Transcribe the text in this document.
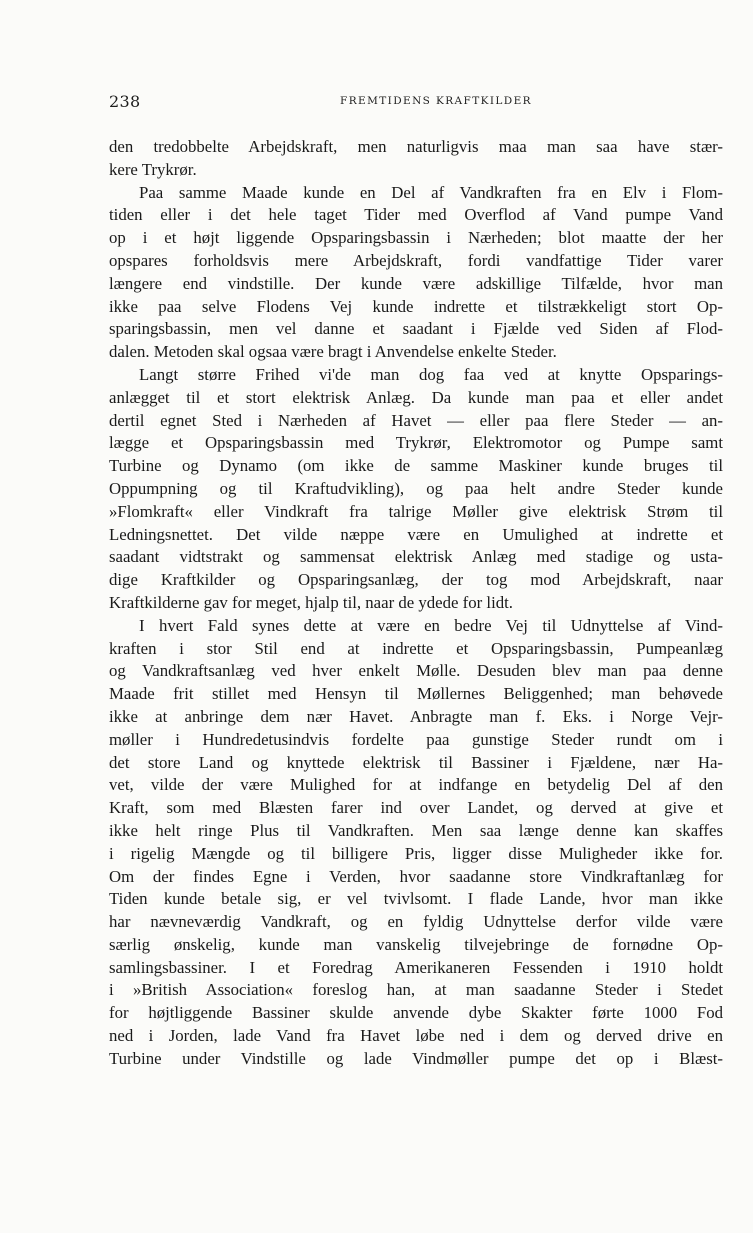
238	FREMTIDENS KRAFTKILDER

den tredobbelte Arbejdskraft, men naturligvis maa man saa have stær-
kere Trykrør.

Paa samme Maade kunde en Del af Vandkraften fra en Elv i Flom-
tiden eller i det hele taget Tider med Overflod af Vand pumpe Vand
op i et højt liggende Opsparingsbassin i Nærheden; blot maatte der her
opspares forholdsvis mere Arbejdskraft, fordi vandfattige Tider varer
længere end vindstille. Der kunde være adskillige Tilfælde, hvor man
ikke paa selve Flodens Vej kunde indrette et tilstrækkeligt stort Op-
sparingsbassin, men vel danne et saadant i Fjælde ved Siden af Flod-
dalen. Metoden skal ogsaa være bragt i Anvendelse enkelte Steder.

Langt større Frihed vi'de man dog faa ved at knytte Opsparings-
anlægget til et stort elektrisk Anlæg. Da kunde man paa et eller andet
dertil egnet Sted i Nærheden af Havet — eller paa flere Steder — an-
lægge et Opsparingsbassin med Trykrør, Elektromotor og Pumpe samt
Turbine og Dynamo (om ikke de samme Maskiner kunde bruges til
Oppumpning og til Kraftudvikling), og paa helt andre Steder kunde
»Flomkraft« eller Vindkraft fra talrige Møller give elektrisk Strøm til
Ledningsnettet. Det vilde næppe være en Umulighed at indrette et
saadant vidtstrakt og sammensat elektrisk Anlæg med stadige og usta-
dige Kraftkilder og Opsparingsanlæg, der tog mod Arbejdskraft, naar
Kraftkilderne gav for meget, hjalp til, naar de ydede for lidt.

I hvert Fald synes dette at være en bedre Vej til Udnyttelse af Vind-
kraften i stor Stil end at indrette et Opsparingsbassin, Pumpeanlæg
og Vandkraftsanlæg ved hver enkelt Mølle. Desuden blev man paa denne
Maade frit stillet med Hensyn til Møllernes Beliggenhed; man behøvede
ikke at anbringe dem nær Havet. Anbragte man f. Eks. i Norge Vejr-
møller i Hundredetusindvis fordelte paa gunstige Steder rundt om i
det store Land og knyttede elektrisk til Bassiner i Fjældene, nær Ha-
vet, vilde der være Mulighed for at indfange en betydelig Del af den
Kraft, som med Blæsten farer ind over Landet, og derved at give et
ikke helt ringe Plus til Vandkraften. Men saa længe denne kan skaffes
i rigelig Mængde og til billigere Pris, ligger disse Muligheder ikke for.
Om der findes Egne i Verden, hvor saadanne store Vindkraftanlæg for
Tiden kunde betale sig, er vel tvivlsomt. I flade Lande, hvor man ikke
har nævneværdig Vandkraft, og en fyldig Udnyttelse derfor vilde være
særlig ønskelig, kunde man vanskelig tilvejebringe de fornødne Op-
samlingsbassiner. I et Foredrag Amerikaneren Fessenden i 1910 holdt
i »British Association« foreslog han, at man saadanne Steder i Stedet
for højtliggende Bassiner skulde anvende dybe Skakter førte 1000 Fod
ned i Jorden, lade Vand fra Havet løbe ned i dem og derved drive en
Turbine under Vindstille og lade Vindmøller pumpe det op i Blæst-
